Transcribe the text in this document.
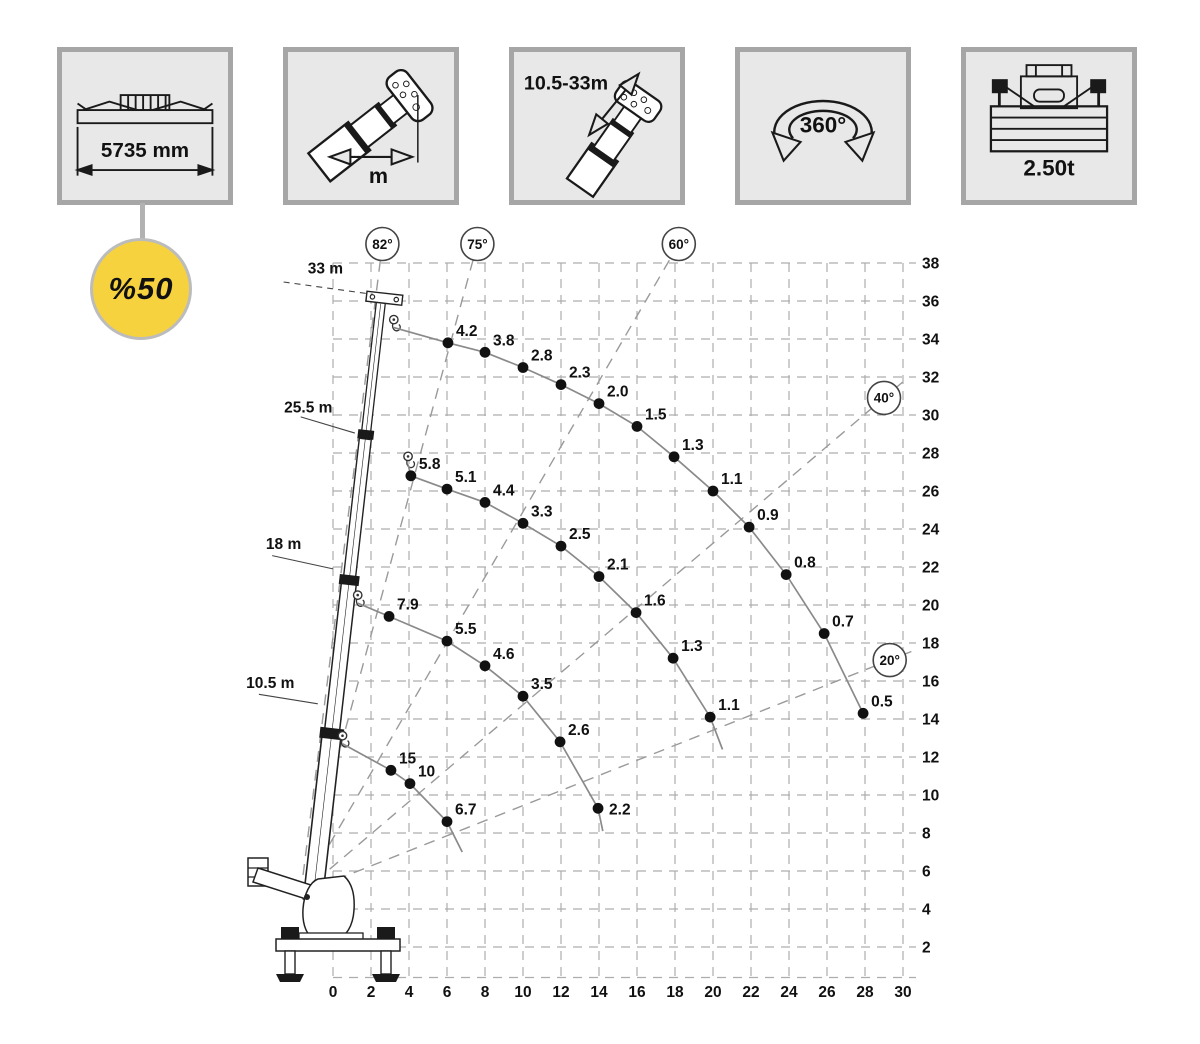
5735 mm
m
10.5-33m
360°
2.50t
%50
4.2
3.8
2.8
2.3
2.0
1.5
1.3
1.1
0.9
0.8
0.7
0.5
5.8
5.1
4.4
3.3
2.5
2.1
1.6
1.3
1.1
7.9
5.5
4.6
3.5
2.6
2.2
15
10
6.7
82°	75°	60°
40°
20°
33 m
25.5 m
18 m
10.5 m
0 2 4 6 8 10 12 14 16 18 20 22 24 26 28 30
2
4
6
8
10
12
14
16
18
20
22
24
26
28
30
32
34
36
38
